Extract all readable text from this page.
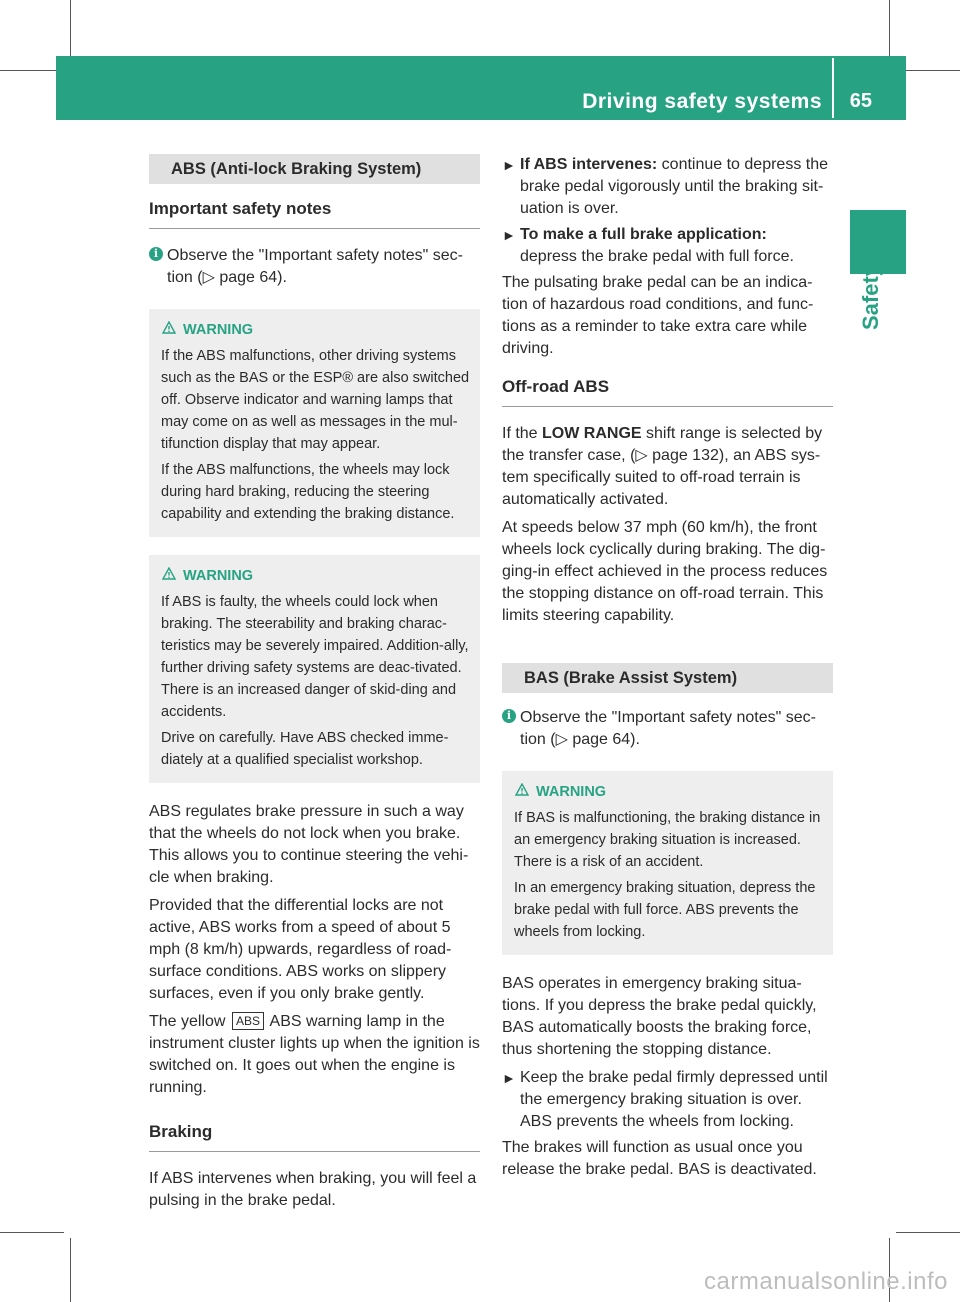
Driving safety systems 65
Safety
ABS (Anti-lock Braking System)
Important safety notes
i Observe the "Important safety notes" sec-tion (▷ page 64).
WARNING

If the ABS malfunctions, other driving systems such as the BAS or the ESP® are also switched off. Observe indicator and warning lamps that may come on as well as messages in the mul-tifunction display that may appear.

If the ABS malfunctions, the wheels may lock during hard braking, reducing the steering capability and extending the braking distance.

WARNING

If ABS is faulty, the wheels could lock when braking. The steerability and braking charac-teristics may be severely impaired. Addition-ally, further driving safety systems are deac-tivated. There is an increased danger of skid-ding and accidents.

Drive on carefully. Have ABS checked imme-diately at a qualified specialist workshop.

ABS regulates brake pressure in such a way that the wheels do not lock when you brake. This allows you to continue steering the vehi-cle when braking.

Provided that the differential locks are not active, ABS works from a speed of about 5 mph (8 km/h) upwards, regardless of road-surface conditions. ABS works on slippery surfaces, even if you only brake gently.

The yellow ABS ABS warning lamp in the instrument cluster lights up when the ignition is switched on. It goes out when the engine is running.

Braking

If ABS intervenes when braking, you will feel a pulsing in the brake pedal.

► If ABS intervenes: continue to depress the brake pedal vigorously until the braking sit-uation is over.
► To make a full brake application:
depress the brake pedal with full force.

The pulsating brake pedal can be an indica-tion of hazardous road conditions, and func-tions as a reminder to take extra care while driving.

Off-road ABS

If the LOW RANGE shift range is selected by the transfer case, (▷ page 132), an ABS sys-tem specifically suited to off-road terrain is automatically activated.

At speeds below 37 mph (60 km/h), the front wheels lock cyclically during braking. The dig-ging-in effect achieved in the process reduces the stopping distance on off-road terrain. This limits steering capability.

BAS (Brake Assist System)
i Observe the "Important safety notes" sec-tion (▷ page 64).
WARNING

If BAS is malfunctioning, the braking distance in an emergency braking situation is increased. There is a risk of an accident.

In an emergency braking situation, depress the brake pedal with full force. ABS prevents the wheels from locking.

BAS operates in emergency braking situa-tions. If you depress the brake pedal quickly, BAS automatically boosts the braking force, thus shortening the stopping distance.

► Keep the brake pedal firmly depressed until the emergency braking situation is over. ABS prevents the wheels from locking.

The brakes will function as usual once you release the brake pedal. BAS is deactivated.

carmanualsonline.info
